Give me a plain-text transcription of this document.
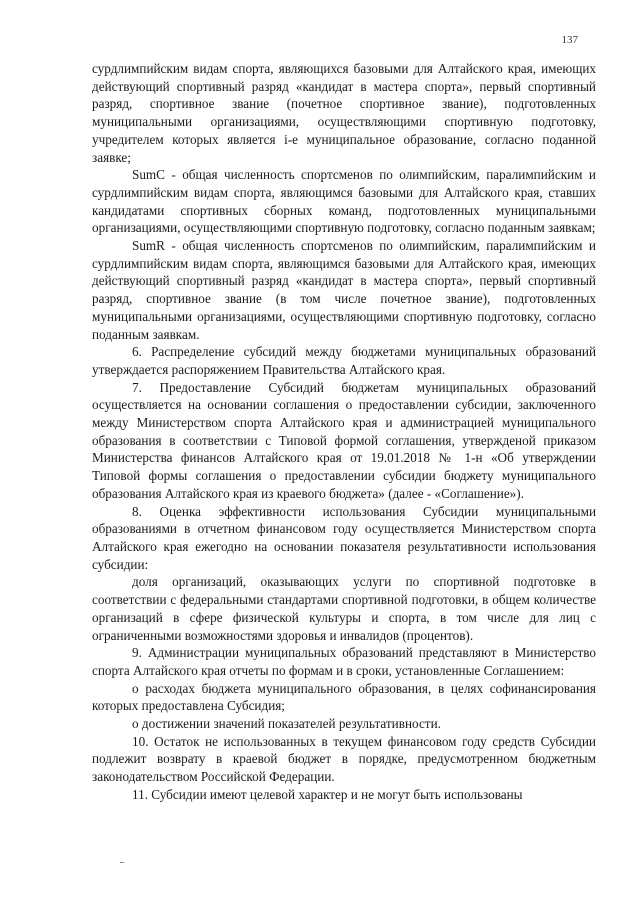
137

сурдлимпийским видам спорта, являющихся базовыми для Алтайского края, имеющих действующий спортивный разряд «кандидат в мастера спорта», первый спортивный разряд, спортивное звание (почетное спортивное звание), подготовленных муниципальными организациями, осуществляющими спортивную подготовку, учредителем которых является i-е муниципальное образование, согласно поданной заявке;

SumC - общая численность спортсменов по олимпийским, паралимпийским и сурдлимпийским видам спорта, являющимся базовыми для Алтайского края, ставших кандидатами спортивных сборных команд, подготовленных муниципальными организациями, осуществляющими спортивную подготовку, согласно поданным заявкам;

SumR - общая численность спортсменов по олимпийским, паралимпийским и сурдлимпийским видам спорта, являющимся базовыми для Алтайского края, имеющих действующий спортивный разряд «кандидат в мастера спорта», первый спортивный разряд, спортивное звание (в том числе почетное звание), подготовленных муниципальными организациями, осуществляющими спортивную подготовку, согласно поданным заявкам.

6. Распределение субсидий между бюджетами муниципальных образований утверждается распоряжением Правительства Алтайского края.

7. Предоставление Субсидий бюджетам муниципальных образований осуществляется на основании соглашения о предоставлении субсидии, заключенного между Министерством спорта Алтайского края и администрацией муниципального образования в соответствии с Типовой формой соглашения, утвержденой приказом Министерства финансов Алтайского края от 19.01.2018 № 1-н «Об утверждении Типовой формы соглашения о предоставлении субсидии бюджету муниципального образования Алтайского края из краевого бюджета» (далее - «Соглашение»).

8. Оценка эффективности использования Субсидии муниципальными образованиями в отчетном финансовом году осуществляется Министерством спорта Алтайского края ежегодно на основании показателя результативности использования субсидии:

доля организаций, оказывающих услуги по спортивной подготовке в соответствии с федеральными стандартами спортивной подготовки, в общем количестве организаций в сфере физической культуры и спорта, в том числе для лиц с ограниченными возможностями здоровья и инвалидов (процентов).

9. Администрации муниципальных образований представляют в Министерство спорта Алтайского края отчеты по формам и в сроки, установленные Соглашением:

о расходах бюджета муниципального образования, в целях софинансирования которых предоставлена Субсидия;

о достижении значений показателей результативности.

10. Остаток не использованных в текущем финансовом году средств Субсидии подлежит возврату в краевой бюджет в порядке, предусмотренном бюджетным законодательством Российской Федерации.

11. Субсидии имеют целевой характер и не могут быть использованы
